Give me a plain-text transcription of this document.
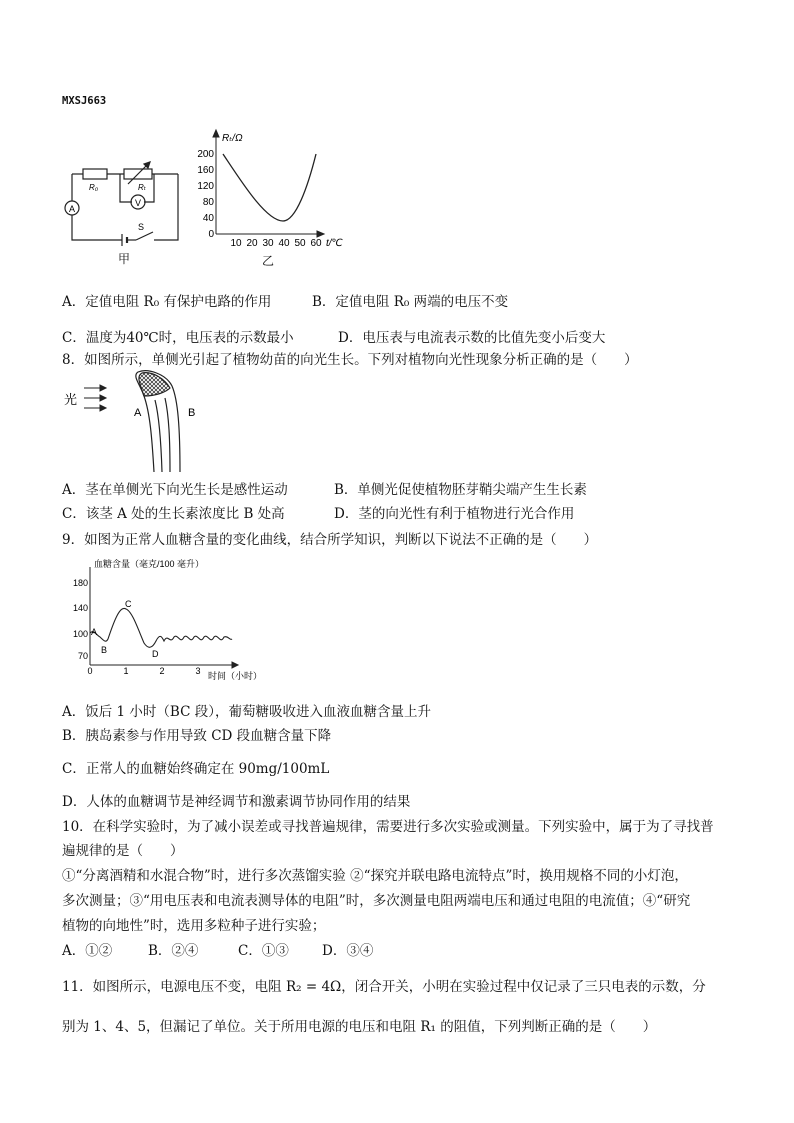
MXSJ663
A
V
R₀	Rₜ
S
甲
Rₜ/Ω
200
160
120
80
40
0
10 20 30 40 50 60 t/℃
乙
A．定值电阻 R₀ 有保护电路的作用	B．定值电阻 R₀ 两端的电压不变
C．温度为40℃时，电压表的示数最小	D．电压表与电流表示数的比值先变小后变大
8．如图所示，单侧光引起了植物幼苗的向光生长。下列对植物向光性现象分析正确的是（　　）
光
A	B
A．茎在单侧光下向光生长是感性运动	B．单侧光促使植物胚芽鞘尖端产生生长素
C．该茎 A 处的生长素浓度比 B 处高	D．茎的向光性有利于植物进行光合作用
9．如图为正常人血糖含量的变化曲线，结合所学知识，判断以下说法不正确的是（　　）
血糖含量（毫克/100 毫升）
180
140
100
70
0	1	2	3 时间（小时）
A
B
C
D
A．饭后 1 小时（BC 段），葡萄糖吸收进入血液血糖含量上升
B．胰岛素参与作用导致 CD 段血糖含量下降
C．正常人的血糖始终确定在 90mg/100mL
D．人体的血糖调节是神经调节和激素调节协同作用的结果
10．在科学实验时，为了减小误差或寻找普遍规律，需要进行多次实验或测量。下列实验中，属于为了寻找普
遍规律的是（　　）
①“分离酒精和水混合物”时，进行多次蒸馏实验 ②“探究并联电路电流特点”时，换用规格不同的小灯泡，
多次测量；③“用电压表和电流表测导体的电阻”时，多次测量电阻两端电压和通过电阻的电流值；④“研究
植物的向地性”时，选用多粒种子进行实验；
A．①②	B．②④	C．①③ D．③④
11．如图所示，电源电压不变，电阻 R₂ = 4Ω，闭合开关，小明在实验过程中仅记录了三只电表的示数，分
别为 1、4、5，但漏记了单位。关于所用电源的电压和电阻 R₁ 的阻值，下列判断正确的是（　　）
